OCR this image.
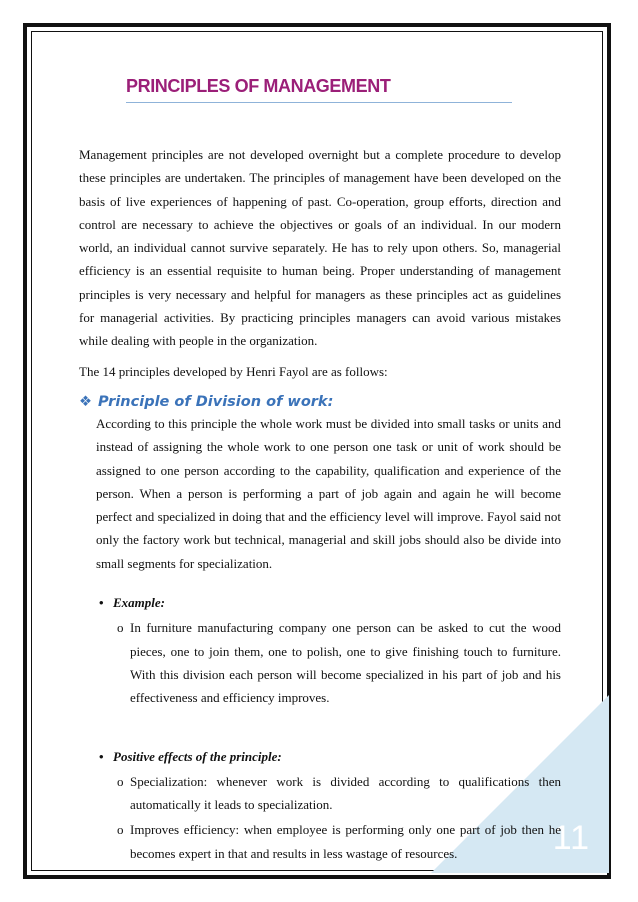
11
PRINCIPLES OF MANAGEMENT

Management principles are not developed overnight but a complete procedure to develop these principles are undertaken. The principles of management have been developed on the basis of live experiences of happening of past. Co-operation, group efforts, direction and control are necessary to achieve the objectives or goals of an individual. In our modern world, an individual cannot survive separately. He has to rely upon others. So, managerial efficiency is an essential requisite to human being. Proper understanding of management principles is very necessary and helpful for managers as these principles act as guidelines for managerial activities. By practicing principles managers can avoid various mistakes while dealing with people in the organization.

The 14 principles developed by Henri Fayol are as follows:

❖ Principle of Division of work:

According to this principle the whole work must be divided into small tasks or units and instead of assigning the whole work to one person one task or unit of work should be assigned to one person according to the capability, qualification and experience of the person. When a person is performing a part of job again and again he will become perfect and specialized in doing that and the efficiency level will improve. Fayol said not only the factory work but technical, managerial and skill jobs should also be divide into small segments for specialization.

• Example:
o In furniture manufacturing company one person can be asked to cut the wood pieces, one to join them, one to polish, one to give finishing touch to furniture. With this division each person will become specialized in his part of job and his effectiveness and efficiency improves.
• Positive effects of the principle:
o Specialization: whenever work is divided according to qualifications then automatically it leads to specialization.
o Improves efficiency: when employee is performing only one part of job then he becomes expert in that and results in less wastage of resources.
